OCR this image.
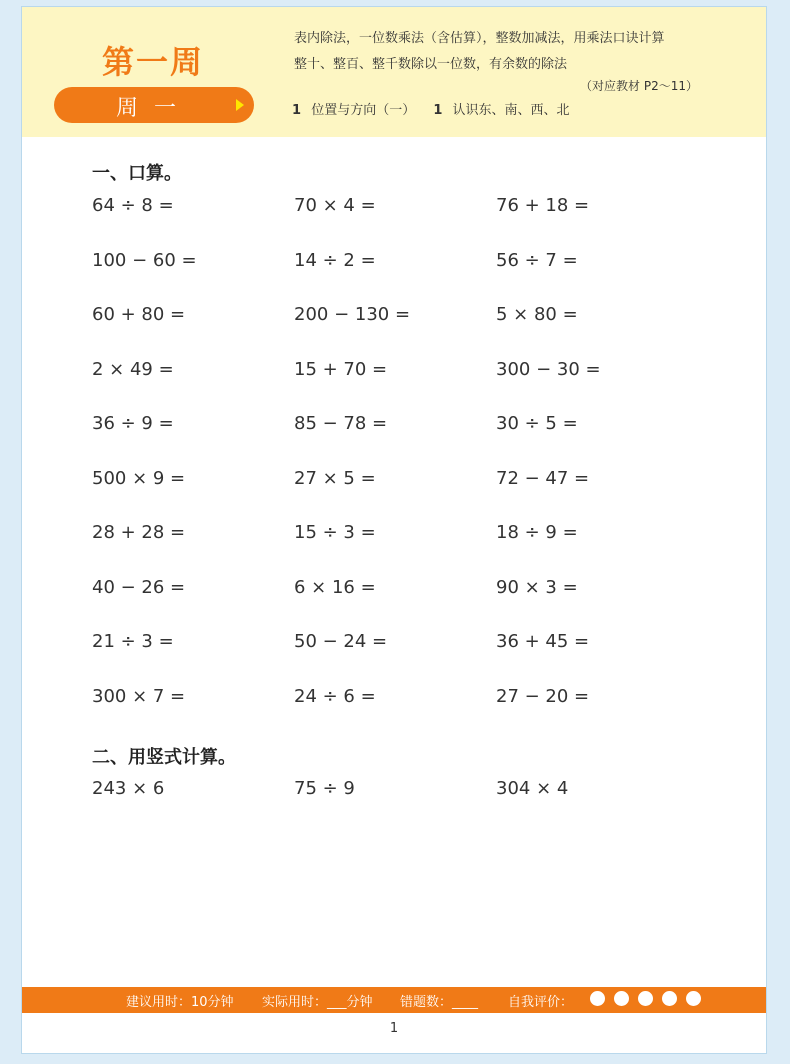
第一周
周一
表内除法，一位数乘法（含估算），整数加减法，用乘法口诀计算
整十、整百、整千数除以一位数，有余数的除法
（对应教材 P2～11）
1 位置与方向（一） 1 认识东、南、西、北
一、口算。
64 ÷ 8 =	70 × 4 =	76 + 18 =
100 − 60 =	14 ÷ 2 =	56 ÷ 7 =
60 + 80 =	200 − 130 =	5 × 80 =
2 × 49 =	15 + 70 =	300 − 30 =
36 ÷ 9 =	85 − 78 =	30 ÷ 5 =
500 × 9 =	27 × 5 =	72 − 47 =
28 + 28 =	15 ÷ 3 =	18 ÷ 9 =
40 − 26 =	6 × 16 =	90 × 3 =
21 ÷ 3 =	50 − 24 =	36 + 45 =
300 × 7 =	24 ÷ 6 =	27 − 20 =
二、用竖式计算。
243 × 6	75 ÷ 9	304 × 4
建议用时：10分钟 实际用时：___分钟 错题数：____ 自我评价：

1
